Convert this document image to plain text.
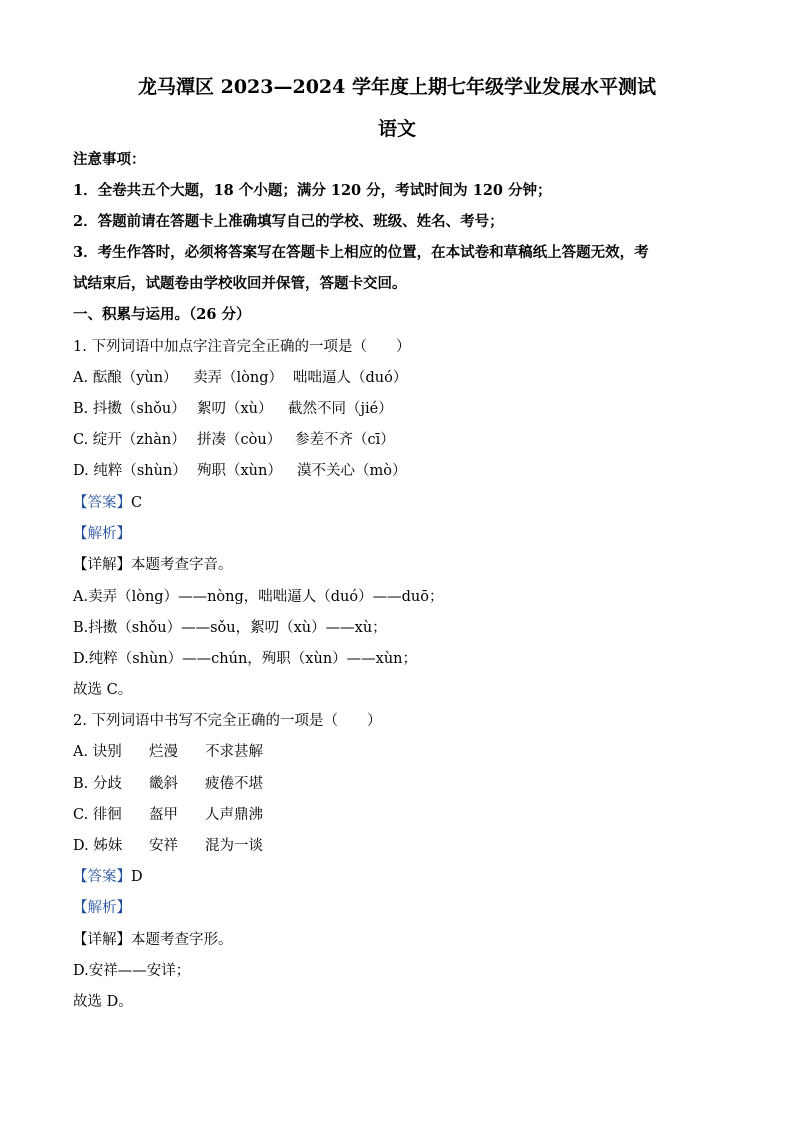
龙马潭区 2023—2024 学年度上期七年级学业发展水平测试
语文
注意事项：
1．全卷共五个大题，18 个小题；满分 120 分，考试时间为 120 分钟；
2．答题前请在答题卡上准确填写自己的学校、班级、姓名、考号；
3．考生作答时，必须将答案写在答题卡上相应的位置，在本试卷和草稿纸上答题无效，考
试结束后，试题卷由学校收回并保管，答题卡交回。
一、积累与运用。（26 分）
1. 下列词语中加点字注音完全正确的一项是（　　）
A. 酝酿（yùn） 卖弄（lòng） 咄咄逼人（duó）
B. 抖擞（shǒu） 絮叨（xù） 截然不同（jié）
C. 绽开（zhàn） 拼凑（còu） 参差不齐（cī）
D. 纯粹（shùn） 殉职（xùn） 漠不关心（mò）
【答案】C
【解析】
【详解】本题考查字音。
A.卖弄（lòng）——nòng，咄咄逼人（duó）——duō；
B.抖擞（shǒu）——sǒu，絮叨（xù）——xù；
D.纯粹（shùn）——chún，殉职（xùn）——xùn；
故选 C。
2. 下列词语中书写不完全正确的一项是（　　）
A. 诀别 烂漫 不求甚解
B. 分歧 畿斜 疲倦不堪
C. 徘徊 盔甲 人声鼎沸
D. 姊妹 安祥 混为一谈
【答案】D
【解析】
【详解】本题考查字形。
D.安祥——安详；
故选 D。
